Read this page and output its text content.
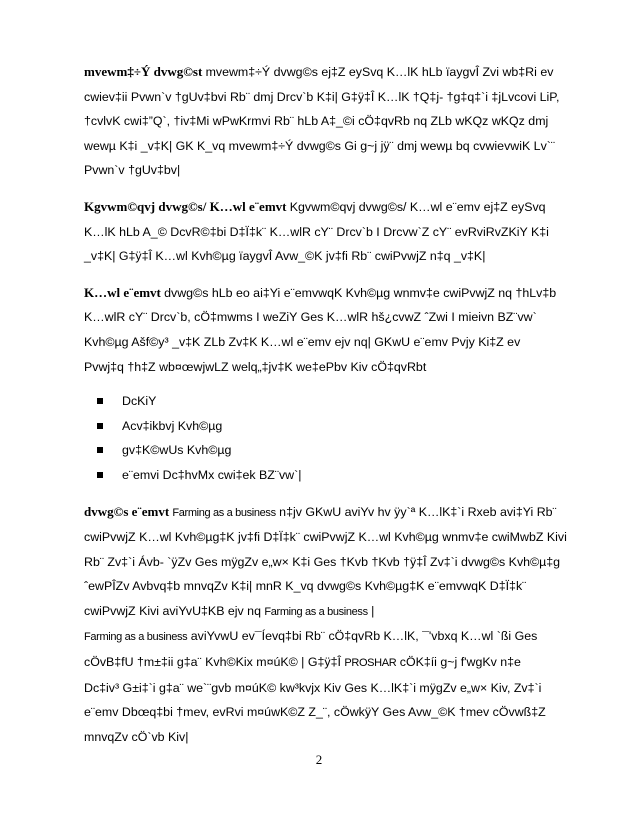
mvewm‡÷Ý dvwg©st mvewm‡÷Ý dvwg©s ej‡Z eySvq K…lK hLb ïaygvÎ Zvi wb‡Ri ev
cwiev‡ii Pvwn`v †gUv‡bvi Rb¨ dmj Drcv`b K‡i| G‡ÿ‡Î K…lK †Q‡j- †g‡q‡`i ‡jLvcovi LiP,
†cvlvK cwi‡”Q`, †iv‡Mi wPwKrmvi Rb¨ hLb A‡_©i cÖ‡qvRb nq ZLb wKQz wKQz dmj
wewµ K‡i _v‡K| GK K_vq mvewm‡÷Ý dvwg©s Gi g~j jÿ¨ dmj wewµ bq cvwievwiK Lv`¨
Pvwn`v †gUv‡bv|
Kgvwm©qvj dvwg©s/ K…wl e¨emvt Kgvwm©qvj dvwg©s/ K…wl e¨emv ej‡Z eySvq
K…lK hLb A_© DcvR©‡bi D‡Ï‡k¨ K…wlR cY¨ Drcv`b I Drcvw`Z cY¨ evRviRvZKiY K‡i
_v‡K| G‡ÿ‡Î K…wl Kvh©µg ïaygvÎ Avw_©K jv‡fi Rb¨ cwiPvwjZ n‡q _v‡K|
K…wl e¨emvt dvwg©s hLb eo ai‡Yi e¨emvwqK Kvh©µg wnmv‡e cwiPvwjZ nq †hLv‡b
K…wlR cY¨ Drcv`b, cÖ‡mwms I weZiY Ges K…wlR hš¿cvwZ ˆZwi I mieivn BZ¨vw`
Kvh©µg Aš‍f©y³ _v‡K ZLb Zv‡K K…wl e¨emv ejv nq| GKwU e¨emv Pvjy Ki‡Z ev
Pvwj‡q †h‡Z wb¤œwjwLZ welq„‡jv‡K we‡ePbv Kiv cÖ‡qvRbt
DcKiY
Acv‡ikbvj Kvh©µg
gv‡K©wUs Kvh©µg
e¨emvi Dc‡hvMx cwi‡ek BZ¨vw`|
dvwg©s e¨emvt Farming as a business n‡jv GKwU aviYv hv ÿy`ª K…lK‡`i Rxeb avi‡Yi Rb¨
cwiPvwjZ K…wl Kvh©µg‡K jv‡fi D‡Ï‡k¨ cwiPvwjZ K…wl Kvh©µg wnmv‡e cwiMwbZ Kivi
Rb¨ Zv‡`i Ávb- `ÿZv Ges mÿgZv e„w× K‡i Ges †Kvb †Kvb †ÿ‡Î Zv‡`i dvwg©s Kvh©µ‡g
ˆewPÎZv Avbvq‡b mnvqZv K‡i| mnR K_vq dvwg©s Kvh©µg‡K e¨emvwqK D‡Ï‡k¨
cwiPvwjZ Kivi aviYvU‡KB ejv nq Farming as a business |
Farming as a business aviYvwU ev¯Íevq‡bi Rb¨ cÖ‡qvRb K…lK, ¯'vbxq K…wl `ßi Ges
cÖvB‡fU †m±‡ii g‡a¨ Kvh©Kix m¤úK© | G‡ÿ‡Î PROSHAR cÖK‡íi g~j f'wgKv n‡e
Dc‡iv³ G±i‡`i g‡a¨ we`¨gvb m¤úK© kw³kvjx Kiv Ges K…lK‡`i mÿgZv e„w× Kiv, Zv‡`i
e¨emv Dbœq‡bi †mev, evRvi m¤úwK©Z Z_¨, cÖwkÿY Ges Avw_©K †mev cÖvwß‡Z
mnvqZv cÖ`vb Kiv|
2
